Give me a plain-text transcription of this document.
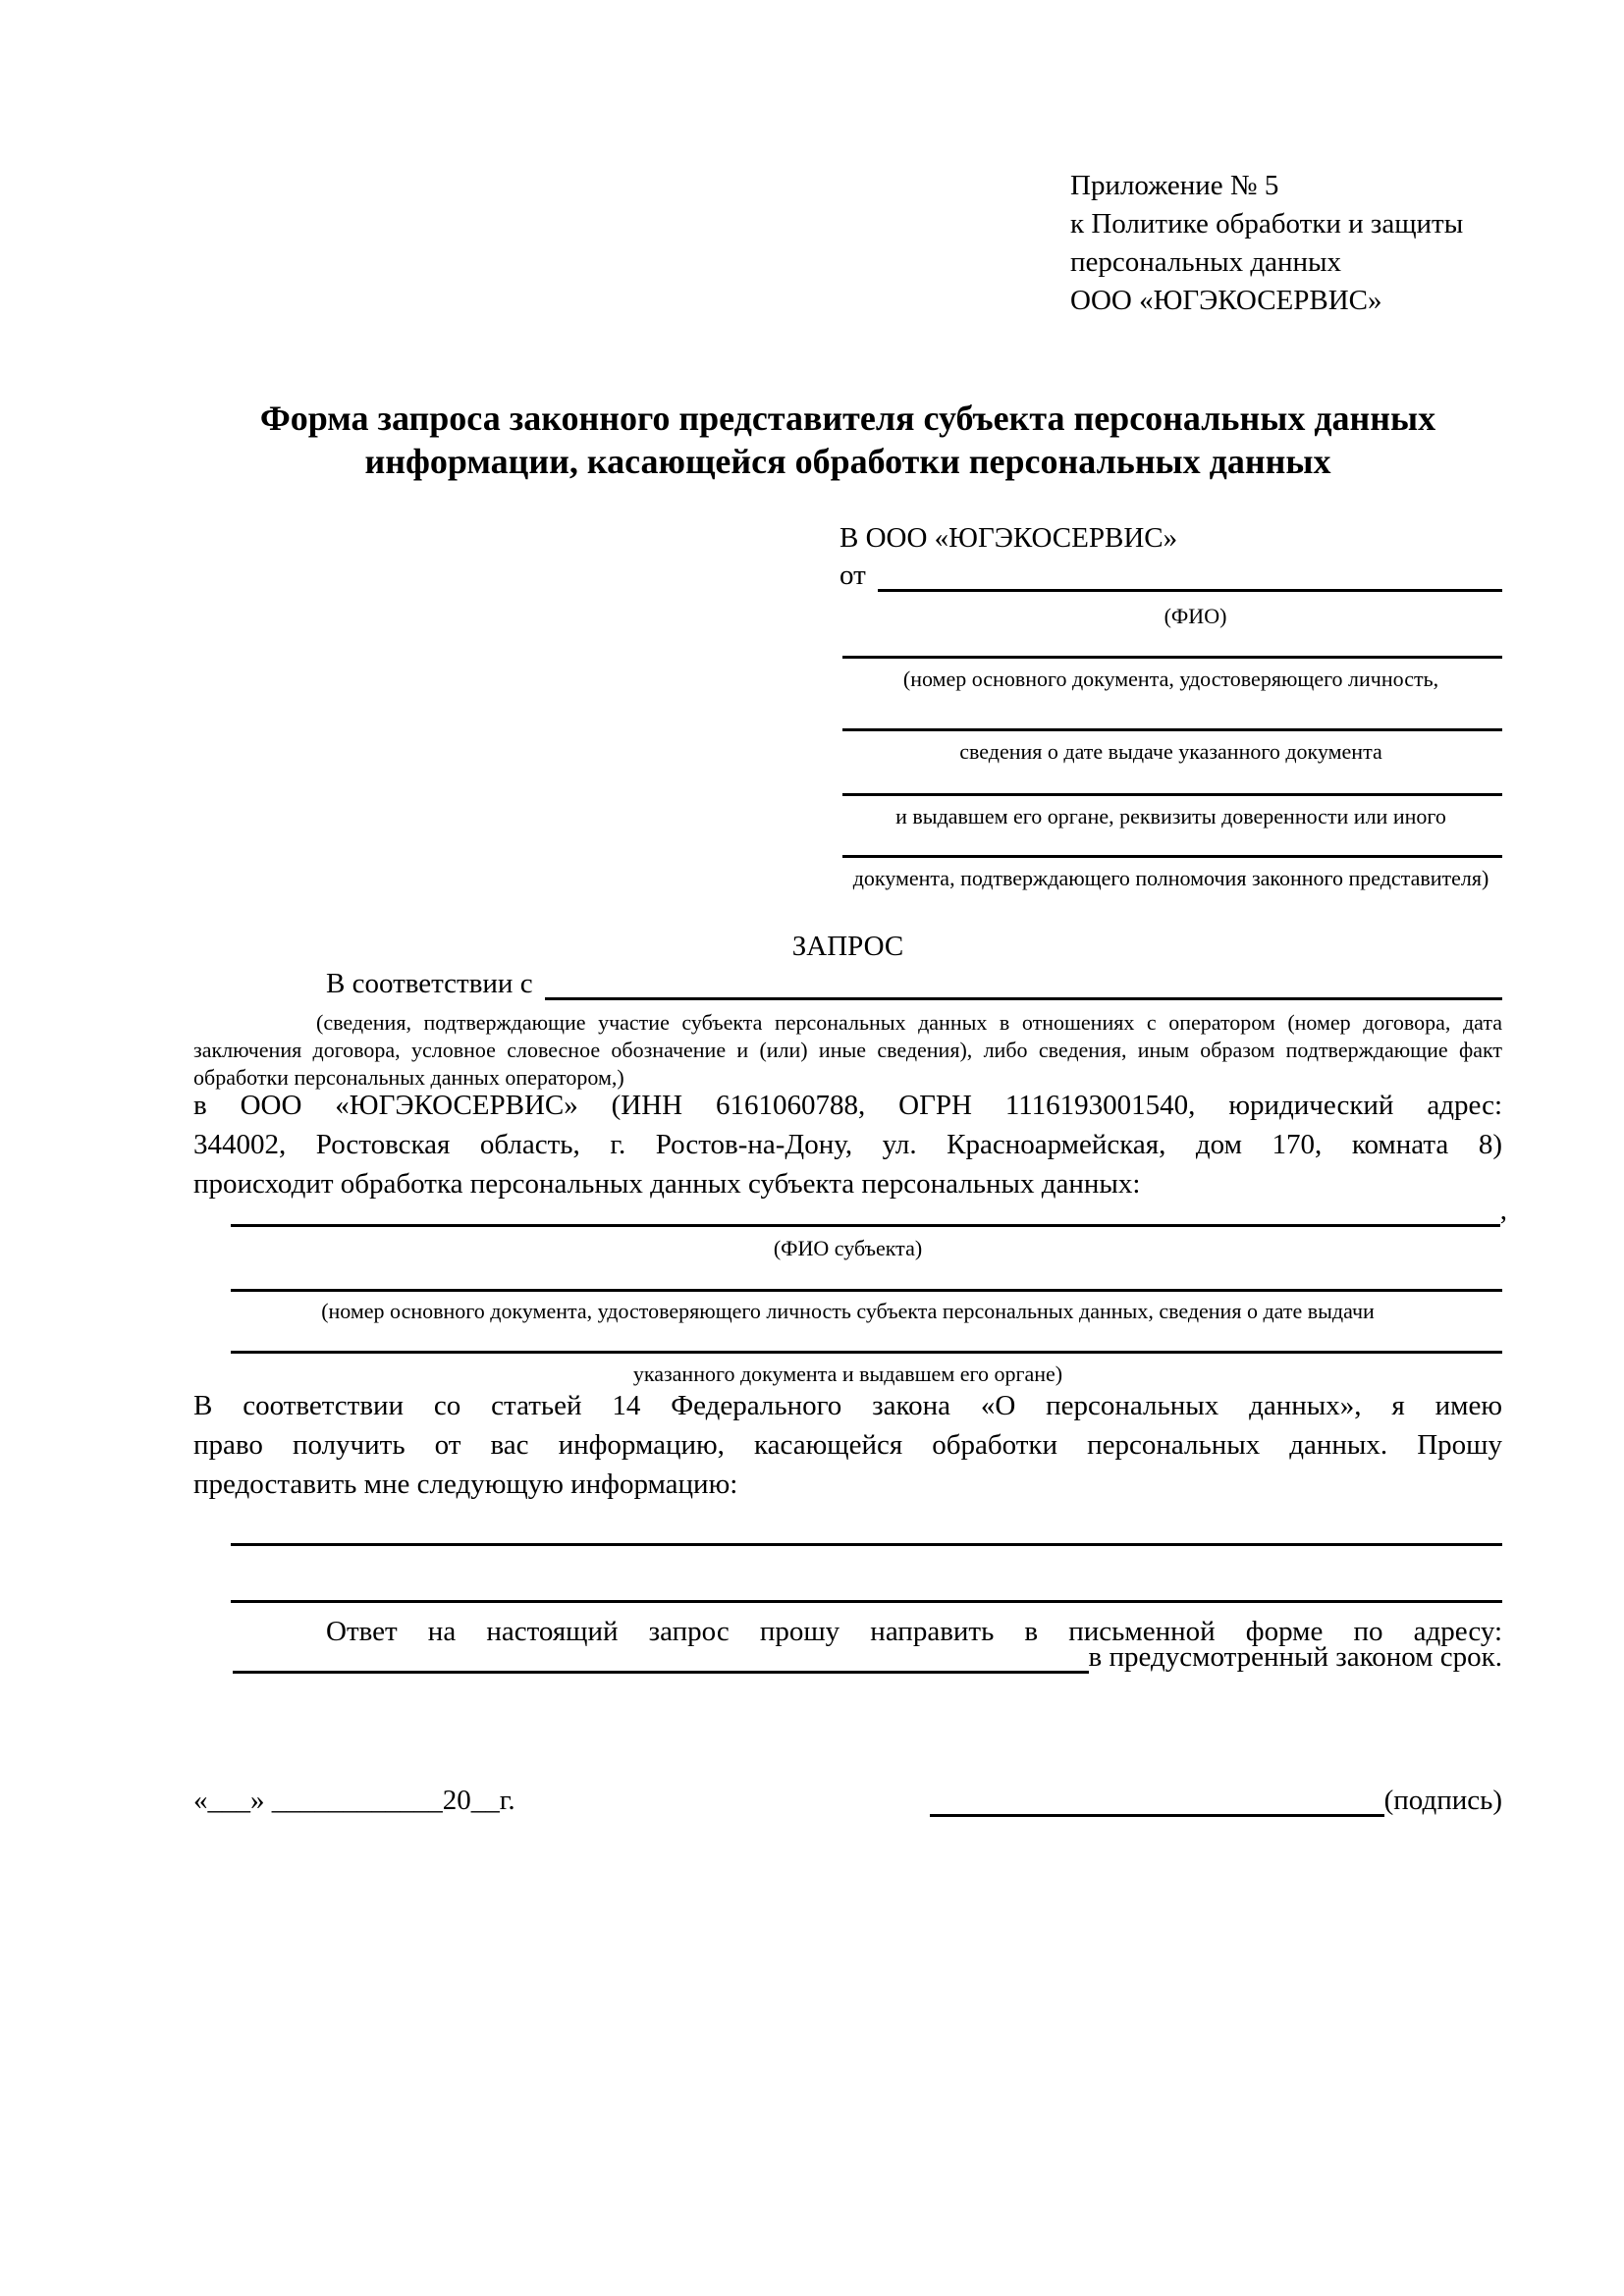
Приложение № 5
к Политике обработки и защиты
персональных данных
ООО «ЮГЭКОСЕРВИС»
Форма запроса законного представителя субъекта персональных данных
информации, касающейся обработки персональных данных
В ООО «ЮГЭКОСЕРВИС»
от
(ФИО)
(номер основного документа, удостоверяющего личность,
сведения о дате выдаче указанного документа
и выдавшем его органе, реквизиты доверенности или иного
документа, подтверждающего полномочия законного представителя)
ЗАПРОС
В соответствии с
(сведения, подтверждающие участие субъекта персональных данных в отношениях с оператором (номер договора, дата
заключения договора, условное словесное обозначение и (или) иные сведения), либо сведения, иным образом подтверждающие факт
обработки персональных данных оператором,)
в ООО «ЮГЭКОСЕРВИС» (ИНН 6161060788, ОГРН 1116193001540, юридический адрес:
344002, Ростовская область, г. Ростов-на-Дону, ул. Красноармейская, дом 170, комната 8)
происходит обработка персональных данных субъекта персональных данных:
,
(ФИО субъекта)
(номер основного документа, удостоверяющего личность субъекта персональных данных, сведения о дате выдачи
указанного документа и выдавшем его органе)
В соответствии со статьей 14 Федерального закона «О персональных данных», я имею
право получить от вас информацию, касающейся обработки персональных данных. Прошу
предоставить мне следующую информацию:
Ответ на настоящий запрос прошу направить в письменной форме по адресу:
в предусмотренный законом срок.
«___» ____________20__г.	(подпись)
